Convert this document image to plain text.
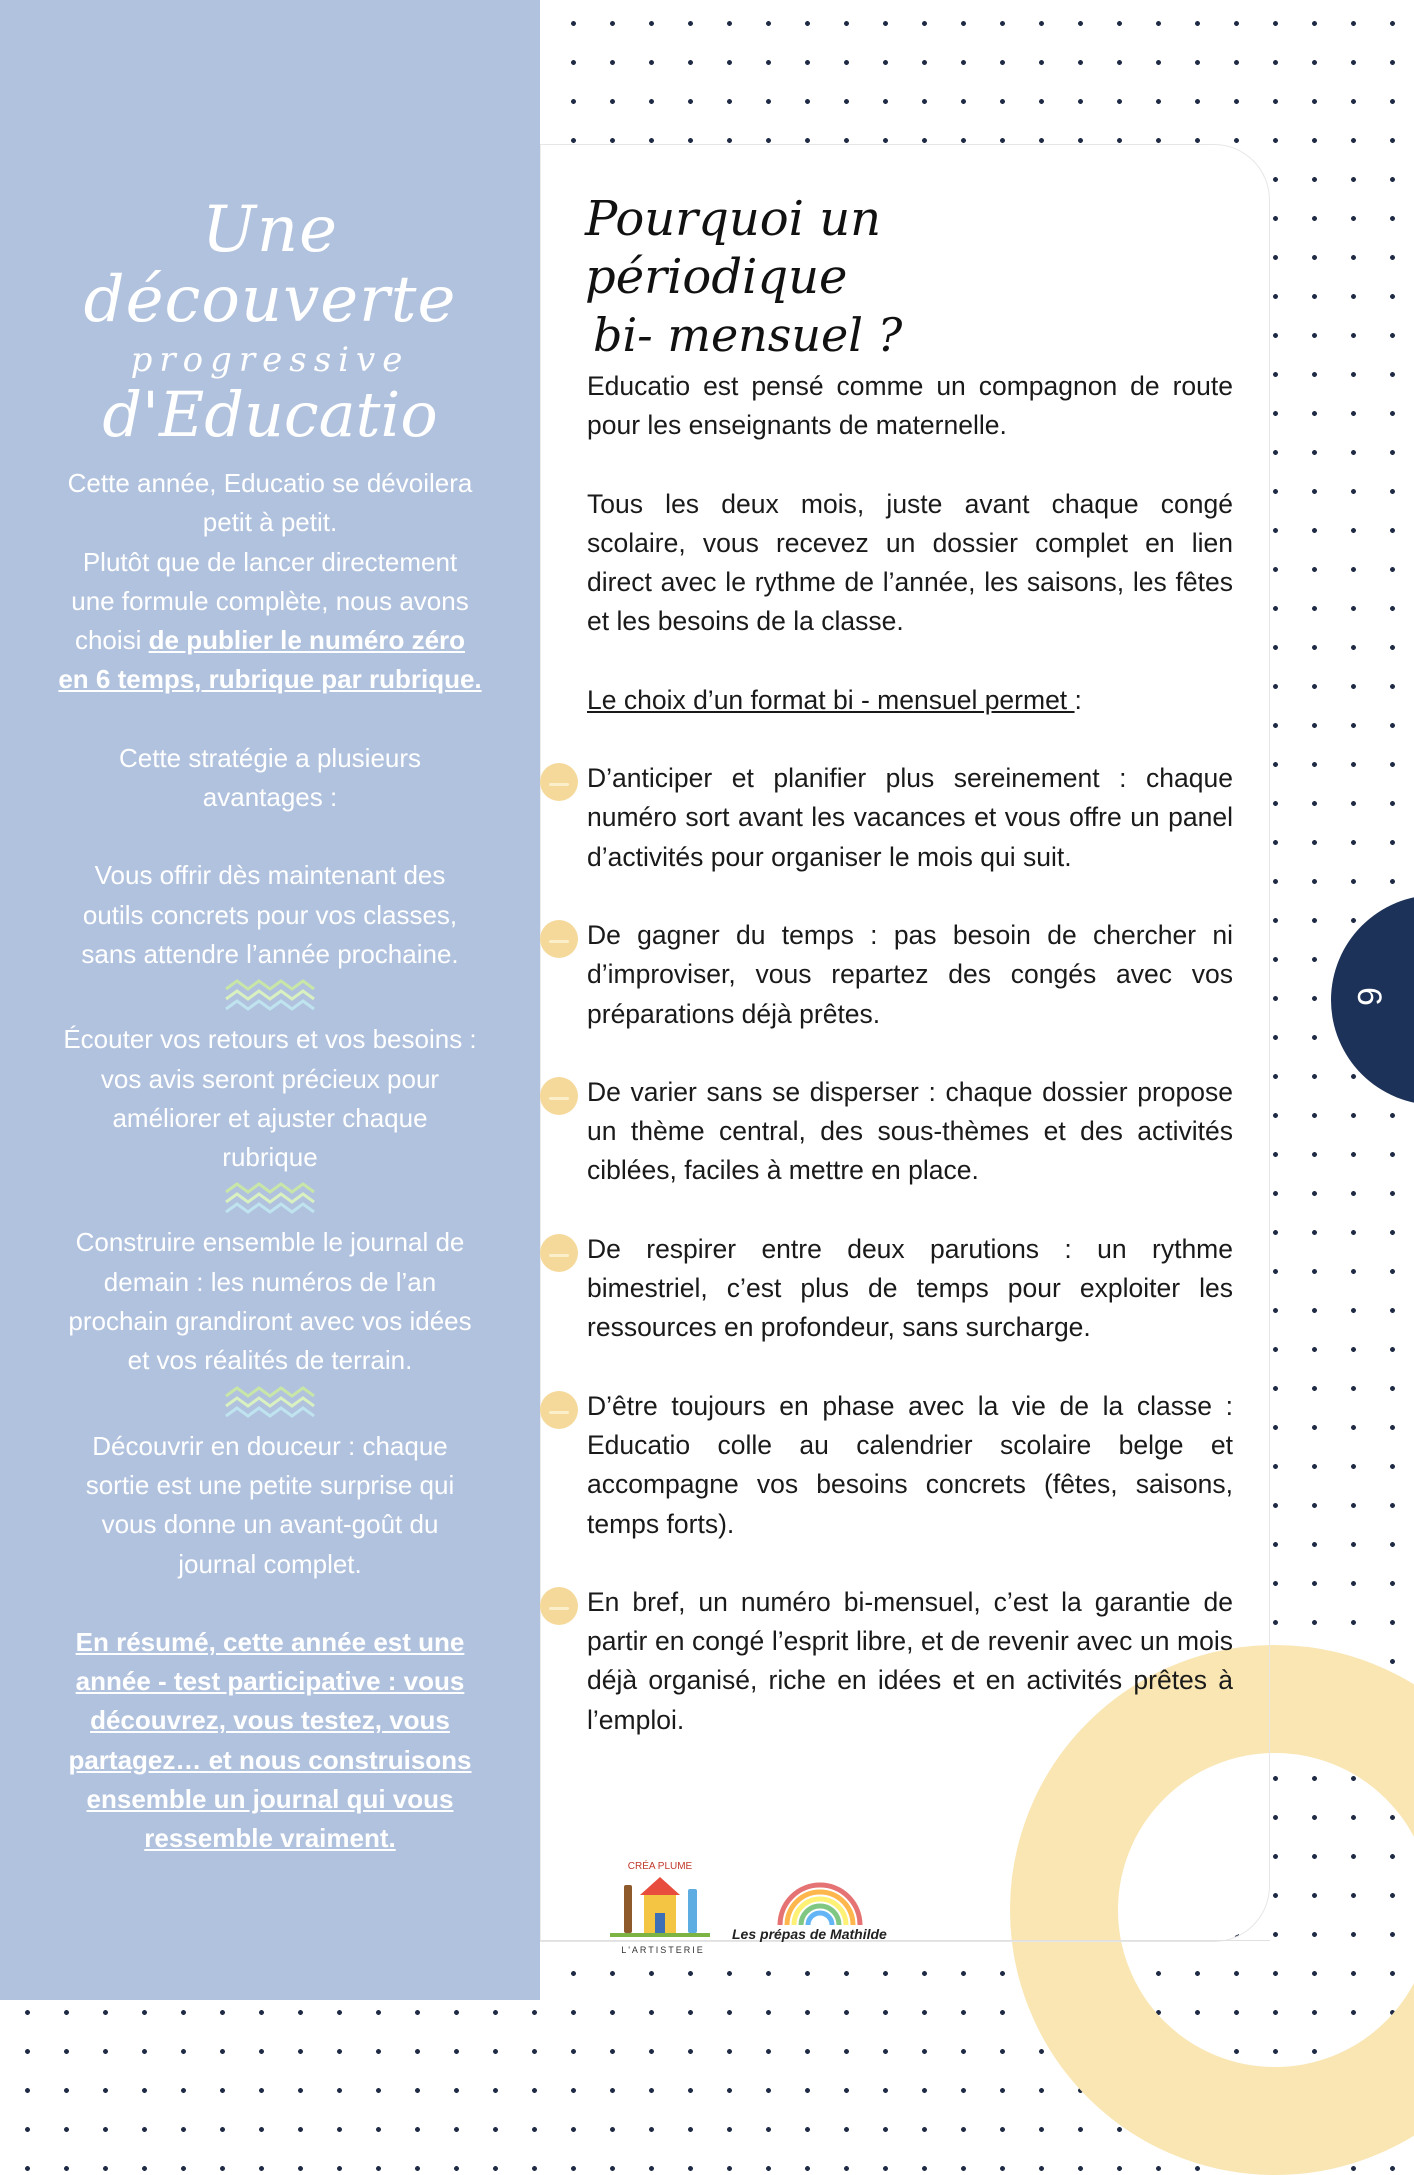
Une découverte
progressive
d'Educatio

Cette année, Educatio se dévoilera

petit à petit.

Plutôt que de lancer directement

une formule complète, nous avons

choisi de publier le numéro zéro

en 6 temps, rubrique par rubrique.

Cette stratégie a plusieurs

avantages :

Vous offrir dès maintenant des

outils concrets pour vos classes,

sans attendre l’année prochaine.

Écouter vos retours et vos besoins :

vos avis seront précieux pour

améliorer et ajuster chaque

rubrique

Construire ensemble le journal de

demain : les numéros de l’an

prochain grandiront avec vos idées

et vos réalités de terrain.

Découvrir en douceur : chaque

sortie est une petite surprise qui

vous donne un avant-goût du

journal complet.

En résumé, cette année est une

année - test participative : vous

découvrez, vous testez, vous

partagez… et nous construisons

ensemble un journal qui vous

ressemble vraiment.

Pourquoi un périodique
bi- mensuel ?

Educatio est pensé comme un compagnon de route pour les enseignants de maternelle.

Tous les deux mois, juste avant chaque congé scolaire, vous recevez un dossier complet en lien direct avec le rythme de l’année, les saisons, les fêtes et les besoins de la classe.

Le choix d’un format bi - mensuel permet :

D’anticiper et planifier plus sereinement : chaque numéro sort avant les vacances et vous offre un panel d’activités pour organiser le mois qui suit.

De gagner du temps : pas besoin de chercher ni d’improviser, vous repartez des congés avec vos préparations déjà prêtes.

De varier sans se disperser : chaque dossier propose un thème central, des sous-thèmes et des activités ciblées, faciles à mettre en place.

De respirer entre deux parutions : un rythme bimestriel, c’est plus de temps pour exploiter les ressources en profondeur, sans surcharge.

D’être toujours en phase avec la vie de la classe : Educatio colle au calendrier scolaire belge et accompagne vos besoins concrets (fêtes, saisons, temps forts).

En bref, un numéro bi-mensuel, c’est la garantie de partir en congé l’esprit libre, et de revenir avec un mois déjà organisé, riche en idées et en activités prêtes à l’emploi.

6
CRÉA PLUME
L'ARTISTERIE
Les prépas de Mathilde
